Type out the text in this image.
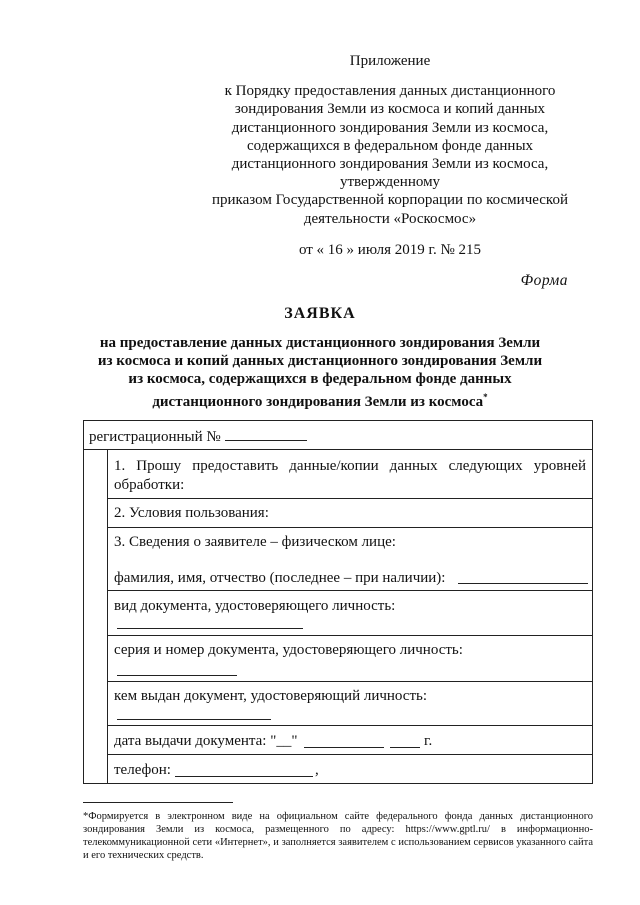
Приложение
к Порядку предоставления данных дистанционного
зондирования Земли из космоса и копий данных
дистанционного зондирования Земли из космоса,
содержащихся в федеральном фонде данных
дистанционного зондирования Земли из космоса,
утвержденному
приказом Государственной корпорации по космической
деятельности «Роскосмос»
от « 16 » июля 2019 г. № 215
Форма
ЗАЯВКА
на предоставление данных дистанционного зондирования Земли
из космоса и копий данных дистанционного зондирования Земли
из космоса, содержащихся в федеральном фонде данных
дистанционного зондирования Земли из космоса*
регистрационный №
1. Прошу предоставить данные/копии данных следующих уровней обработки:
2. Условия пользования:
3. Сведения о заявителе – физическом лице:
фамилия, имя, отчество (последнее – при наличии):
вид документа, удостоверяющего личность:
серия и номер документа, удостоверяющего личность:
кем выдан документ, удостоверяющий личность:
дата выдачи документа: "__"	г.
телефон:	,
*Формируется в электронном виде на официальном сайте федерального фонда данных дистанционного зондирования Земли из космоса, размещенного по адресу: https://www.gptl.ru/ в информационно-телекоммуникационной сети «Интернет», и заполняется заявителем с использованием сервисов указанного сайта и его технических средств.
